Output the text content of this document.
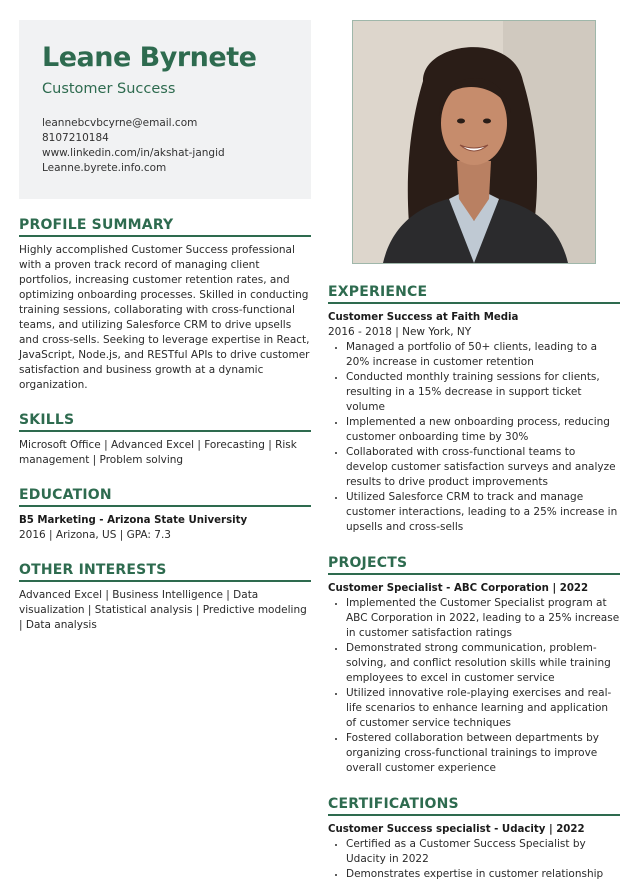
Leane Byrnete
Customer Success
leannebcvbcyrne@email.com
8107210184
www.linkedin.com/in/akshat-jangid
Leanne.byrete.info.com
PROFILE SUMMARY
Highly accomplished Customer Success professional with a proven track record of managing client portfolios, increasing customer retention rates, and optimizing onboarding processes. Skilled in conducting training sessions, collaborating with cross-functional teams, and utilizing Salesforce CRM to drive upsells and cross-sells. Seeking to leverage expertise in React, JavaScript, Node.js, and RESTful APIs to drive customer satisfaction and business growth at a dynamic organization.
SKILLS
Microsoft Office | Advanced Excel | Forecasting | Risk management | Problem solving
EDUCATION
B5 Marketing - Arizona State University
2016 | Arizona, US | GPA: 7.3
OTHER INTERESTS
Advanced Excel | Business Intelligence | Data visualization | Statistical analysis | Predictive modeling | Data analysis
EXPERIENCE
Customer Success at Faith Media
2016 - 2018 | New York, NY
• Managed a portfolio of 50+ clients, leading to a 20% increase in customer retention
• Conducted monthly training sessions for clients, resulting in a 15% decrease in support ticket volume
• Implemented a new onboarding process, reducing customer onboarding time by 30%
• Collaborated with cross-functional teams to develop customer satisfaction surveys and analyze results to drive product improvements
• Utilized Salesforce CRM to track and manage customer interactions, leading to a 25% increase in upsells and cross-sells
PROJECTS
Customer Specialist - ABC Corporation | 2022
• Implemented the Customer Specialist program at ABC Corporation in 2022, leading to a 25% increase in customer satisfaction ratings
• Demonstrated strong communication, problem-solving, and conflict resolution skills while training employees to excel in customer service
• Utilized innovative role-playing exercises and real-life scenarios to enhance learning and application of customer service techniques
• Fostered collaboration between departments by organizing cross-functional trainings to improve overall customer experience
CERTIFICATIONS
Customer Success specialist - Udacity | 2022
• Certified as a Customer Success Specialist by Udacity in 2022
• Demonstrates expertise in customer relationship
